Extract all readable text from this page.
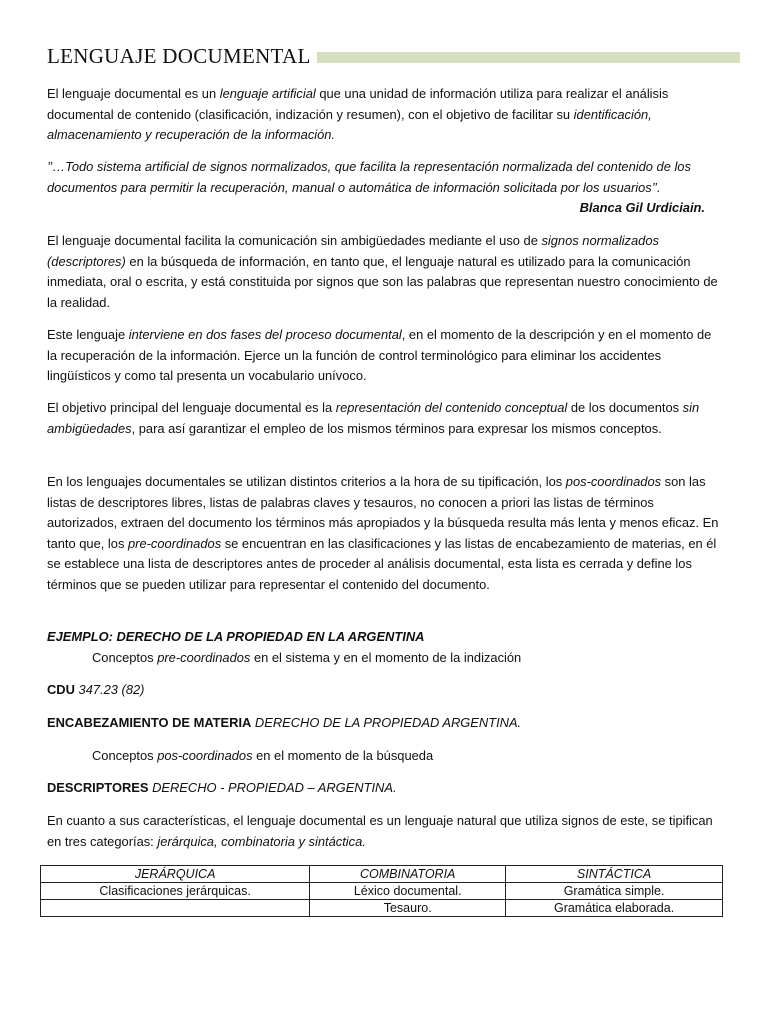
LENGUAJE DOCUMENTAL

El lenguaje documental es un lenguaje artificial que una unidad de información utiliza para realizar el análisis documental de contenido (clasificación, indización y resumen), con el objetivo de facilitar su identificación, almacenamiento y recuperación de la información.

’’…Todo sistema artificial de signos normalizados, que facilita la representación normalizada del contenido de los documentos para permitir la recuperación, manual o automática de información solicitada por los usuarios’’.
Blanca Gil Urdiciain.

El lenguaje documental facilita la comunicación sin ambigüedades mediante el uso de signos normalizados (descriptores) en la búsqueda de información, en tanto que, el lenguaje natural es utilizado para la comunicación inmediata, oral o escrita, y está constituida por signos que son las palabras que representan nuestro conocimiento de la realidad.

Este lenguaje interviene en dos fases del proceso documental, en el momento de la descripción y en el momento de la recuperación de la información. Ejerce un la función de control terminológico para eliminar los accidentes lingüísticos y como tal presenta un vocabulario unívoco.

El objetivo principal del lenguaje documental es la representación del contenido conceptual de los documentos sin ambigüedades, para así garantizar el empleo de los mismos términos para expresar los mismos conceptos.

En los lenguajes documentales se utilizan distintos criterios a la hora de su tipificación, los pos-coordinados son las listas de descriptores libres, listas de palabras claves y tesauros, no conocen a priori las listas de términos autorizados, extraen del documento los términos más apropiados y la búsqueda resulta más lenta y menos eficaz. En tanto que, los pre-coordinados se encuentran en las clasificaciones y las listas de encabezamiento de materias, en él se establece una lista de descriptores antes de proceder al análisis documental, esta lista es cerrada y define los términos que se pueden utilizar para representar el contenido del documento.

EJEMPLO: DERECHO DE LA PROPIEDAD EN LA ARGENTINA

Conceptos pre-coordinados en el sistema y en el momento de la indización

CDU 347.23 (82)

ENCABEZAMIENTO DE MATERIA DERECHO DE LA PROPIEDAD ARGENTINA.

Conceptos pos-coordinados en el momento de la búsqueda

DESCRIPTORES DERECHO - PROPIEDAD – ARGENTINA.

En cuanto a sus características, el lenguaje documental es un lenguaje natural que utiliza signos de este, se tipifican en tres categorías: jerárquica, combinatoria y sintáctica.

JERÁRQUICA	COMBINATORIA	SINTÁCTICA
Clasificaciones jerárquicas.	Léxico documental.	Gramática simple.
	Tesauro.	Gramática elaborada.
